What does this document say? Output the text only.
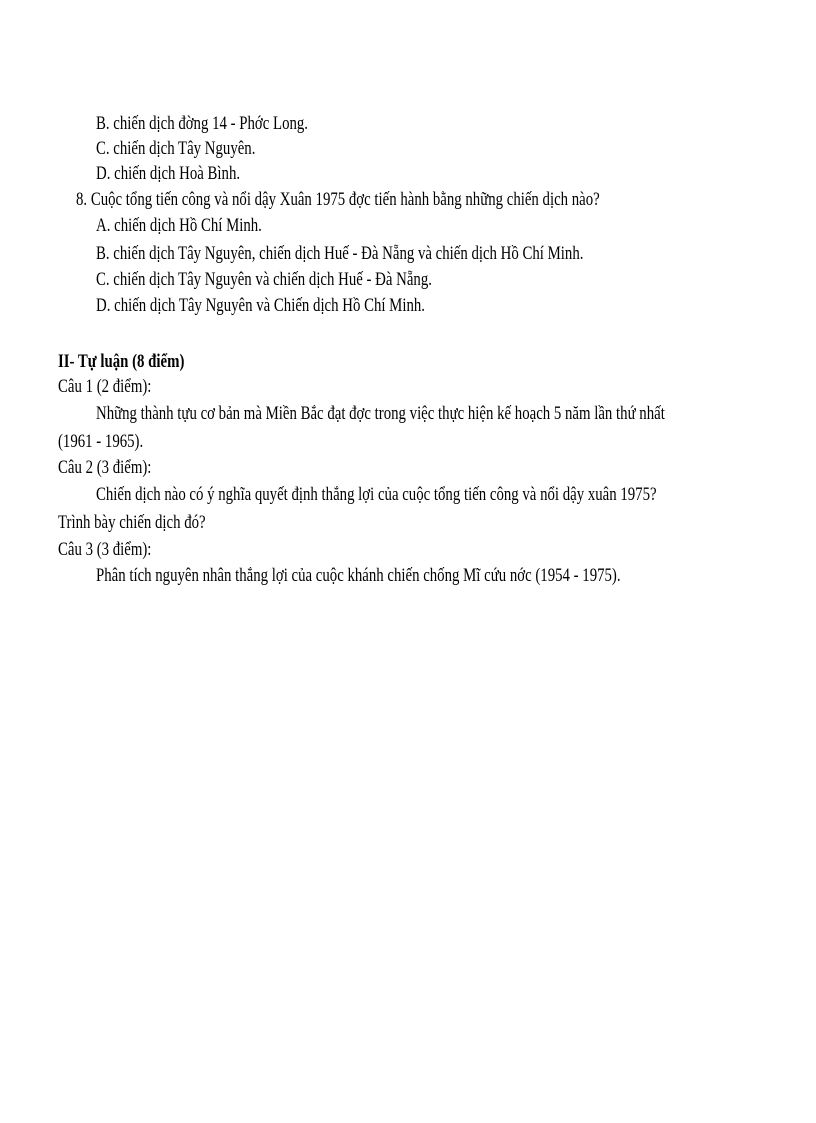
B. chiến dịch đờng 14 - Phớc Long.
C. chiến dịch Tây Nguyên.
D. chiến dịch Hoà Bình.
8. Cuộc tổng tiến công và nổi dậy Xuân 1975 đợc tiến hành bằng những chiến dịch nào?
A. chiến dịch Hồ Chí Minh.
B. chiến dịch Tây Nguyên, chiến dịch Huế - Đà Nẵng và chiến dịch Hồ Chí Minh.
C. chiến dịch Tây Nguyên và chiến dịch Huế - Đà Nẵng.
D. chiến dịch Tây Nguyên và Chiến dịch Hồ Chí Minh.
II- Tự luận (8 điểm)
Câu 1 (2 điểm):
Những thành tựu cơ bản mà Miền Bắc đạt đợc trong việc thực hiện kế hoạch 5 năm lần thứ nhất
(1961 - 1965).
Câu 2 (3 điểm):
Chiến dịch nào có ý nghĩa quyết định thắng lợi của cuộc tổng tiến công và nổi dậy xuân 1975?
Trình bày chiến dịch đó?
Câu 3 (3 điểm):
Phân tích nguyên nhân thắng lợi của cuộc khánh chiến chống Mĩ cứu nớc (1954 - 1975).
